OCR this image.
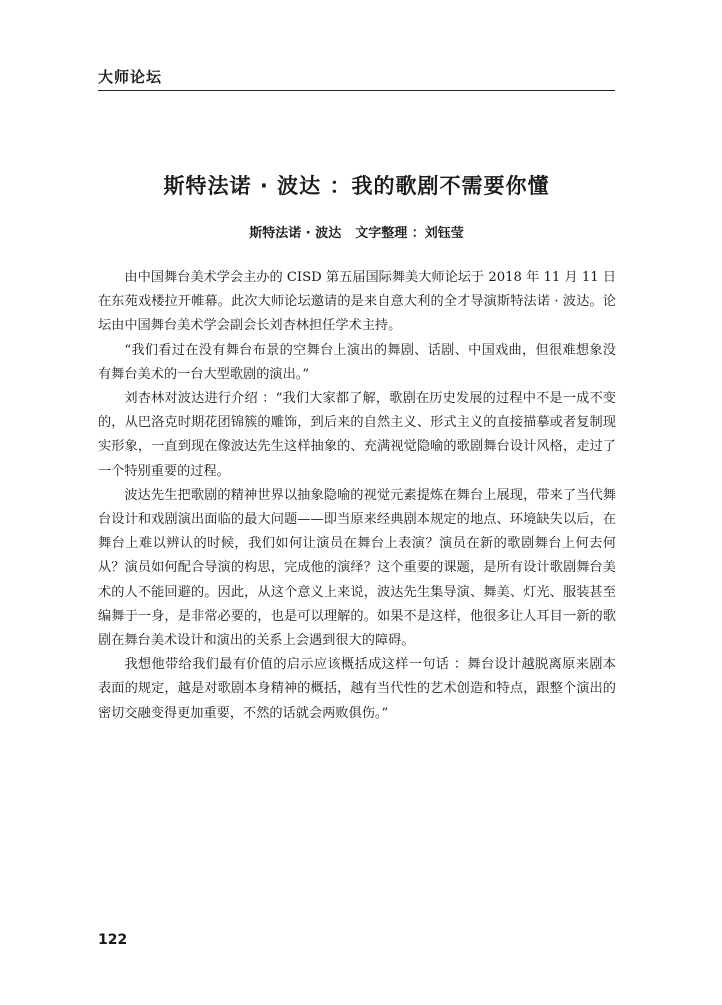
大师论坛
斯特法诺 · 波达 ：我的歌剧不需要你懂
斯特法诺 · 波达 文字整理 ：刘钰莹

由中国舞台美术学会主办的 CISD 第五届国际舞美大师论坛于 2018 年 11 月 11 日在东苑戏楼拉开帷幕。此次大师论坛邀请的是来自意大利的全才导演斯特法诺 · 波达。论坛由中国舞台美术学会副会长刘杏林担任学术主持。

“我们看过在没有舞台布景的空舞台上演出的舞剧、话剧、中国戏曲，但很难想象没有舞台美术的一台大型歌剧的演出。”

刘杏林对波达进行介绍 ：“我们大家都了解，歌剧在历史发展的过程中不是一成不变的，从巴洛克时期花团锦簇的雕饰，到后来的自然主义、形式主义的直接描摹或者复制现实形象，一直到现在像波达先生这样抽象的、充满视觉隐喻的歌剧舞台设计风格，走过了一个特别重要的过程。

波达先生把歌剧的精神世界以抽象隐喻的视觉元素提炼在舞台上展现，带来了当代舞台设计和戏剧演出面临的最大问题——即当原来经典剧本规定的地点、环境缺失以后，在舞台上难以辨认的时候，我们如何让演员在舞台上表演？演员在新的歌剧舞台上何去何从？演员如何配合导演的构思，完成他的演绎？这个重要的课题，是所有设计歌剧舞台美术的人不能回避的。因此，从这个意义上来说，波达先生集导演、舞美、灯光、服装甚至编舞于一身，是非常必要的，也是可以理解的。如果不是这样，他很多让人耳目一新的歌剧在舞台美术设计和演出的关系上会遇到很大的障碍。

我想他带给我们最有价值的启示应该概括成这样一句话 ：舞台设计越脱离原来剧本表面的规定，越是对歌剧本身精神的概括，越有当代性的艺术创造和特点，跟整个演出的密切交融变得更加重要，不然的话就会两败俱伤。”

122
